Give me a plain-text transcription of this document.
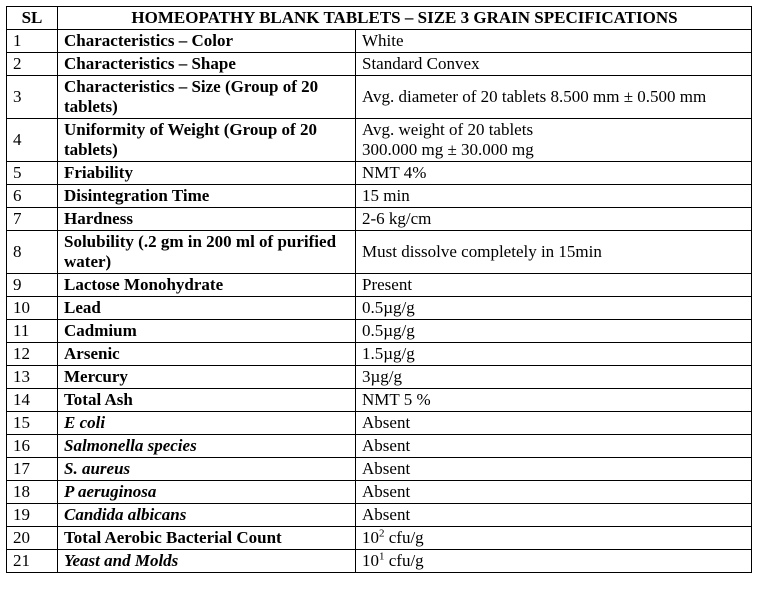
SL	HOMEOPATHY BLANK TABLETS – SIZE 3 GRAIN SPECIFICATIONS	
1	Characteristics – Color	White
2	Characteristics – Shape	Standard Convex
3	Characteristics – Size (Group of 20 tablets)	Avg. diameter of 20 tablets 8.500 mm ± 0.500 mm
4	Uniformity of Weight (Group of 20 tablets)	Avg. weight of 20 tablets
300.000 mg ± 30.000 mg

5	Friability	NMT 4%
6	Disintegration Time	15 min
7	Hardness	2-6 kg/cm
8	Solubility (.2 gm in 200 ml of purified water)	Must dissolve completely in 15min
9	Lactose Monohydrate	Present
10	Lead	0.5µg/g
11	Cadmium	0.5µg/g
12	Arsenic	1.5µg/g
13	Mercury	3µg/g
14	Total Ash	NMT 5 %
15	E coli	Absent
16	Salmonella species	Absent
17	S. aureus	Absent
18	P aeruginosa	Absent
19	Candida albicans	Absent
20	Total Aerobic Bacterial Count	$10^2$ cfu/g
21	Yeast and Molds	$10^1$ cfu/g
